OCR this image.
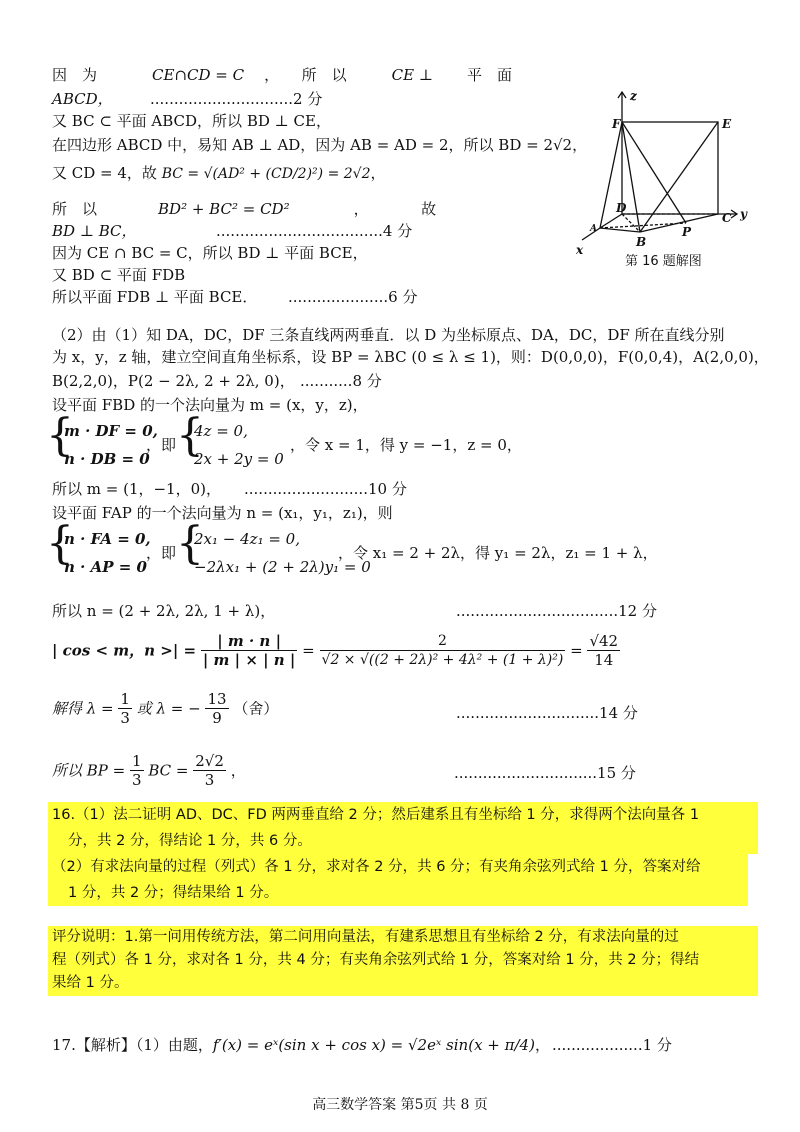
因　为　	CE∩CD = C ，　　所　以　CE ⊥ 平　面
ABCD， ..............................2 分
又 BC ⊂ 平面 ABCD，所以 BD ⊥ CE，
在四边形 ABCD 中，易知 AB ⊥ AD，因为 AB = AD = 2，所以 BD = 2√2，
又 CD = 4，故 BC = √(AD² + (CD/2)²) = 2√2，
所　以　	BD² + BC² = CD²	，　　　　故
BD ⊥ BC，	...................................4 分
因为 CE ∩ BC = C，所以 BD ⊥ 平面 BCE，
又 BD ⊂ 平面 FDB
所以平面 FDB ⊥ 平面 BCE． .....................6 分
z
F	E
D
C y
B
P
x
A
第 16 题解图
（2）由（1）知 DA，DC，DF 三条直线两两垂直．以 D 为坐标原点、DA，DC，DF 所在直线分别
为 x，y，z 轴，建立空间直角坐标系，设 BP = λBC (0 ≤ λ ≤ 1)，则：D(0,0,0)，F(0,0,4)，A(2,0,0)，
B(2,2,0)，P(2 − 2λ, 2 + 2λ, 0)， ...........8 分
设平面 FBD 的一个法向量为 m = (x，y，z)，
{
m · DF = 0,
n · DB = 0
，即 {
4z = 0,
2x + 2y = 0
，令 x = 1，得 y = −1，z = 0，
所以 m = (1，−1，0)， ..........................10 分
设平面 FAP 的一个法向量为 n = (x₁，y₁，z₁)，则
{
n · FA = 0,
n · AP = 0
，即 {
2x₁ − 4z₁ = 0,
−2λx₁ + (2 + 2λ)y₁ = 0
，令 x₁ = 2 + 2λ，得 y₁ = 2λ，z₁ = 1 + λ，
所以 n = (2 + 2λ, 2λ, 1 + λ)，	..................................12 分
| cos < m，n >| = $\frac{| m \cdot n |}{| m | \times | n |} = \frac{2}{\text{√2 × √((2 + 2λ)² + 4λ² + (1 + λ)²)}} = \frac{√42}{14}$
解得 $\lambda = \frac{1}{3}$ 或 λ = − $\frac{13}{9}$ （舍）	..............................14 分
所以 BP = $\frac{1}{3}$ BC = $\frac{2√2}{3}$ ，	..............................15 分
16.（1）法二证明 AD、DC、FD 两两垂直给 2 分；然后建系且有坐标给 1 分，求得两个法向量各 1
分，共 2 分，得结论 1 分，共 6 分。
（2）有求法向量的过程（列式）各 1 分，求对各 2 分，共 6 分；有夹角余弦列式给 1 分，答案对给
1 分，共 2 分；得结果给 1 分。
评分说明：1.第一问用传统方法，第二问用向量法，有建系思想且有坐标给 2 分，有求法向量的过
程（列式）各 1 分，求对各 1 分，共 4 分；有夹角余弦列式给 1 分，答案对给 1 分，共 2 分；得结
果给 1 分。
17.【解析】（1）由题，f′(x) = eˣ(sin x + cos x) = √2eˣ sin(x + π/4)， ...................1 分
高三数学答案 第5页 共 8 页
